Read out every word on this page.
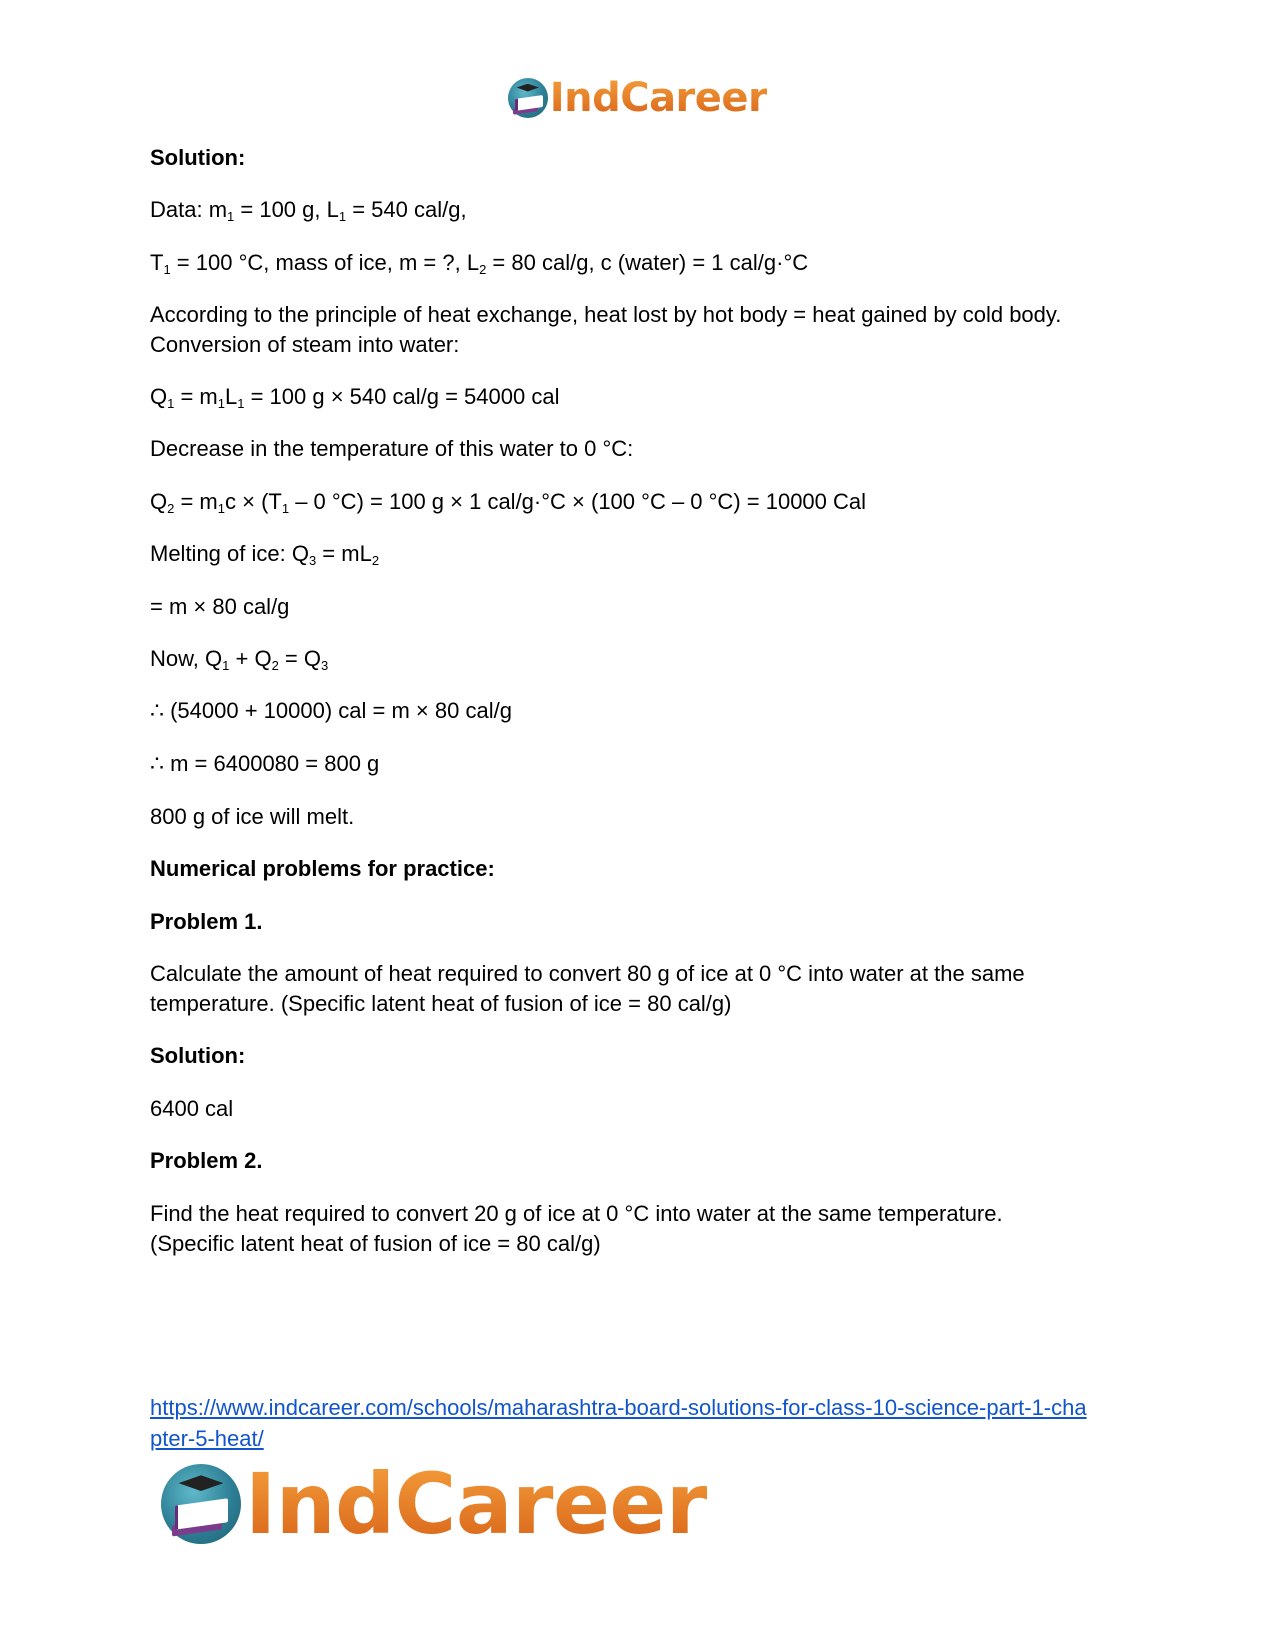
IndCareer

Solution:

Data: $m_1 = 100$ g, $L_1 = 540$ cal/g,

$T_1 = 100$ °C, mass of ice, m = ?, $L_2 = 80$ cal/g, c (water) = 1 cal/g·°C

According to the principle of heat exchange, heat lost by hot body = heat gained by cold body.

Conversion of steam into water:

$Q_1 = m_1L_1 = 100$ g × 540 cal/g = 54000 cal

Decrease in the temperature of this water to 0 °C:

$Q_2 = m_1c \times (T_1 - 0$ °C) = 100 g × 1 cal/g·°C × (100 °C – 0 °C) = 10000 Cal

Melting of ice: $Q_3 = mL_2$

= m × 80 cal/g

Now, $Q_1 + Q_2 = Q_3$

∴ (54000 + 10000) cal = m × 80 cal/g

∴ m = 6400080 = 800 g

800 g of ice will melt.

Numerical problems for practice:

Problem 1.

Calculate the amount of heat required to convert 80 g of ice at 0 °C into water at the same

temperature. (Specific latent heat of fusion of ice = 80 cal/g)

Solution:

6400 cal

Problem 2.

Find the heat required to convert 20 g of ice at 0 °C into water at the same temperature.

(Specific latent heat of fusion of ice = 80 cal/g)

https://www.indcareer.com/schools/maharashtra-board-solutions-for-class-10-science-part-1-cha
pter-5-heat/
IndCareer
